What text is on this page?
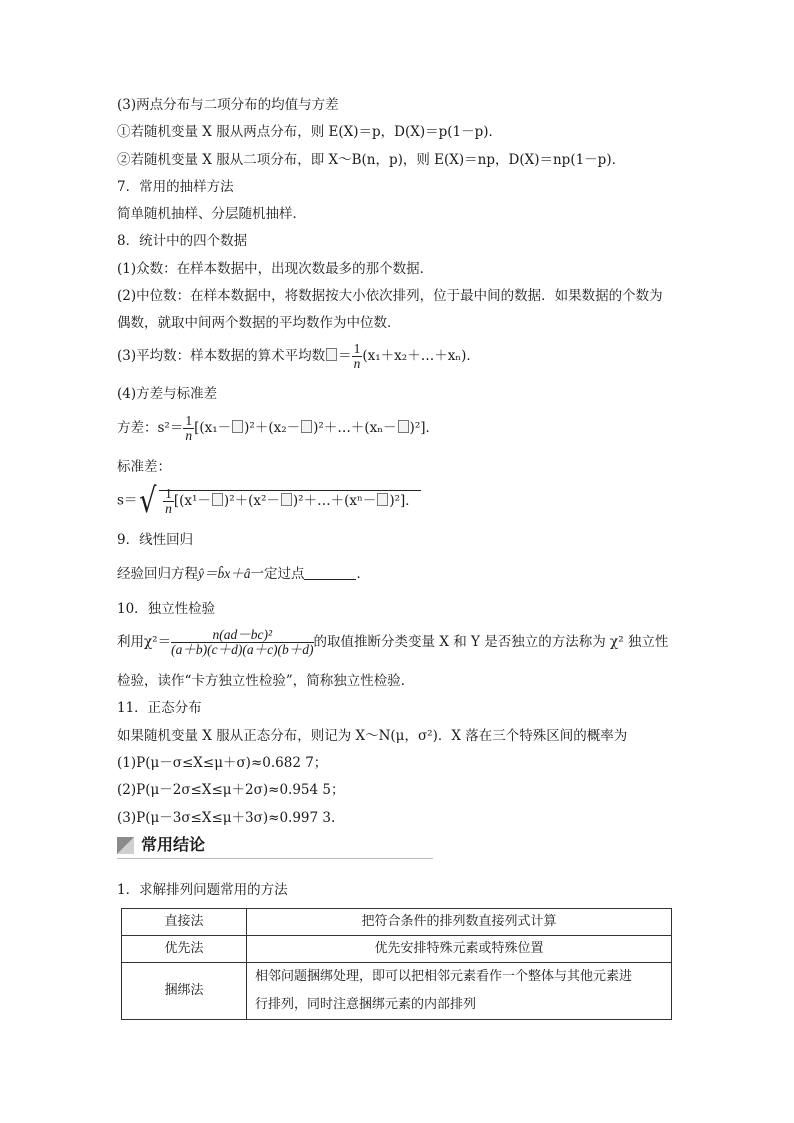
(3)两点分布与二项分布的均值与方差
①若随机变量 X 服从两点分布，则 E(X)＝p，D(X)＝p(1－p)．
②若随机变量 X 服从二项分布，即 X～B(n，p)，则 E(X)＝np，D(X)＝np(1－p)．
7．常用的抽样方法
简单随机抽样、分层随机抽样．
8．统计中的四个数据
(1)众数：在样本数据中，出现次数最多的那个数据．
(2)中位数：在样本数据中，将数据按大小依次排列，位于最中间的数据．如果数据的个数为
偶数，就取中间两个数据的平均数作为中位数．
(3)平均数：样本数据的算术平均数 ＝ $\frac{1}{n}$ (x₁＋x₂＋…＋xₙ)．
(4)方差与标准差
方差：$s^2= \frac{1}{n} [(x_1- )^2+(x_2-$ )²＋…＋(xₙ－ )²]．
标准差：
$s=√ \frac{1}{n} [(x^1- )^2+(x^2-$ )²＋…＋(xⁿ－ )²]．
9．线性回归
经验回归方程ŷ＝b̂x＋â一定过点	．
10．独立性检验
利用$\chi^2= \frac{\text{n(ad－bc)²}}{(a+b)(c+d)(a+c)(b+d)}$ 的取值推断分类变量 X 和 Y 是否独立的方法称为 χ² 独立性
检验，读作“卡方独立性检验”，简称独立性检验．
11．正态分布
如果随机变量 X 服从正态分布，则记为 X～N(μ，σ²)．X 落在三个特殊区间的概率为
(1)P(μ－σ≤X≤μ＋σ)≈0.682 7；
(2)P(μ－2σ≤X≤μ＋2σ)≈0.954 5；
(3)P(μ－3σ≤X≤μ＋3σ)≈0.997 3.
常用结论
1．求解排列问题常用的方法
直接法	把符合条件的排列数直接列式计算
优先法	优先安排特殊元素或特殊位置
捆绑法	相邻问题捆绑处理，即可以把相邻元素看作一个整体与其他元素进
行排列，同时注意捆绑元素的内部排列
